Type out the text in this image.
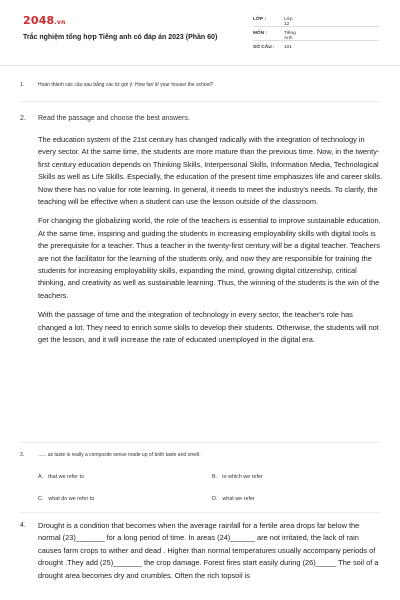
2048.vn
Trắc nghiệm tổng hợp Tiếng anh có đáp án 2023 (Phần 60)
LỚP :	Lớp 12
MÔN :	Tiếng Anh
SỐ CÂU :	101
1.	Hoàn thành các câu sau bằng các từ gợi ý: How far/ it/ your house/ the school?
2. Read the passage and choose the best answers.

The education system of the 21st century has changed radically with the integration of technology in every sector. At the same time, the students are more mature than the previous time. Now, in the twenty-first century education depends on Thinking Skills, Interpersonal Skills, Information Media, Technological Skills as well as Life Skills. Especially, the education of the present time emphasizes life and career skills. Now there has no value for rote learning. In general, it needs to meet the industry's needs. To clarify, the teaching will be effective when a student can use the lesson outside of the classroom.

For changing the globalizing world, the role of the teachers is essential to improve sustainable education. At the same time, inspiring and guiding the students in increasing employability skills with digital tools is the prerequisite for a teacher. Thus a teacher in the twenty-first century will be a digital teacher. Teachers are not the facilitator for the learning of the students only, and now they are responsible for training the students for increasing employability skills, expanding the mind, growing digital citizenship, critical thinking, and creativity as well as sustainable learning. Thus, the winning of the students is the win of the teachers.

With the passage of time and the integration of technology in every sector, the teacher's role has changed a lot. They need to enrich some skills to develop their students. Otherwise, the students will not get the lesson, and it will increase the rate of educated unemployed in the digital era.

3.	...... as taste is really a composite sense made up of both taste and smell.
A. that we refer to	B. to which we refer
C. what do we refer to	D. what we refer
4. Drought is a condition that becomes when the average rainfall for a fertile area drops far below the normal (23)_______ for a long period of time. In areas (24)______ are not irritated, the lack of rain causes farm crops to wither and dead . Higher than normal temperatures usually accompany periods of drought .They add (25)_______ the crop damage. Forest fires start easily during (26)_____ The soil of a drought area becomes dry and crumbles. Often the rich topsoil is
